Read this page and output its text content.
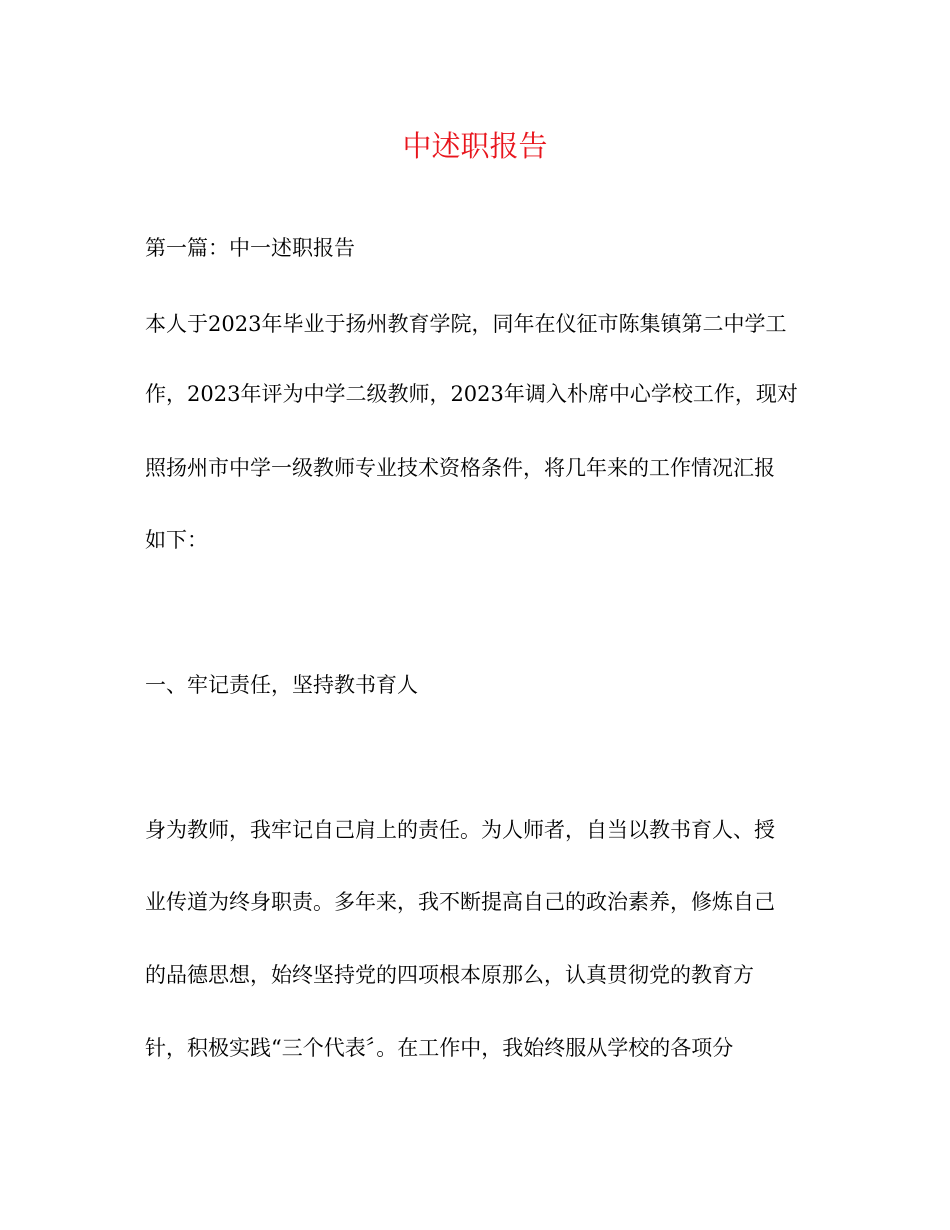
中述职报告
第一篇：中一述职报告
本人于2023年毕业于扬州教育学院，同年在仪征市陈集镇第二中学工
作，2023年评为中学二级教师，2023年调入朴席中心学校工作，现对
照扬州市中学一级教师专业技术资格条件，将几年来的工作情况汇报
如下：
一、牢记责任，坚持教书育人
身为教师，我牢记自己肩上的责任。为人师者，自当以教书育人、授
业传道为终身职责。多年来，我不断提高自己的政治素养，修炼自己
的品德思想，始终坚持党的四项根本原那么，认真贯彻党的教育方
针，积极实践“三个代表〞。在工作中，我始终服从学校的各项分
